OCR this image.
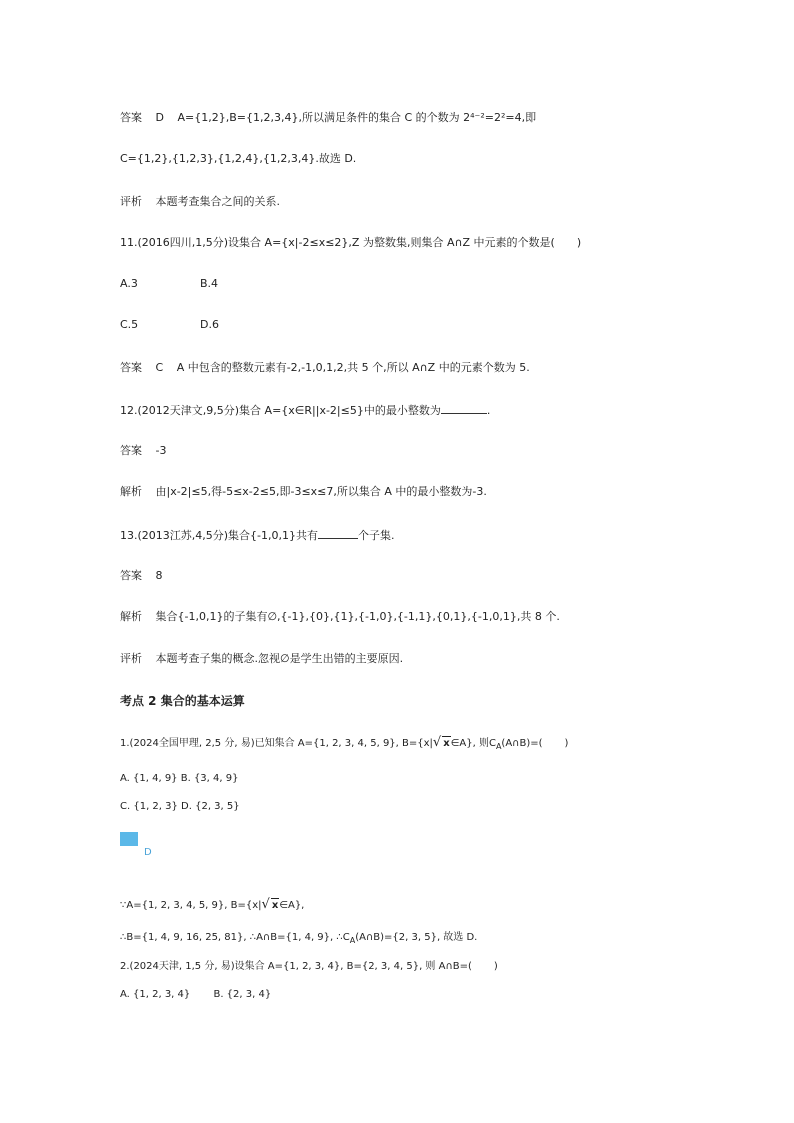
答案 D A={1,2},B={1,2,3,4},所以满足条件的集合 C 的个数为 2⁴⁻²=2²=4,即
C={1,2},{1,2,3},{1,2,4},{1,2,3,4}.故选 D.
评析 本题考查集合之间的关系.
11.(2016四川,1,5分)设集合 A={x|-2≤x≤2},Z 为整数集,则集合 A∩Z 中元素的个数是( )
A.3	B.4
C.5	D.6
答案 C A 中包含的整数元素有-2,-1,0,1,2,共 5 个,所以 A∩Z 中的元素个数为 5.
12.(2012天津文,9,5分)集合 A={x∈R||x-2|≤5}中的最小整数为	.
答案 -3
解析 由|x-2|≤5,得-5≤x-2≤5,即-3≤x≤7,所以集合 A 中的最小整数为-3.
13.(2013江苏,4,5分)集合{-1,0,1}共有	个子集.
答案 8
解析 集合{-1,0,1}的子集有∅,{-1},{0},{1},{-1,0},{-1,1},{0,1},{-1,0,1},共 8 个.
评析 本题考查子集的概念.忽视∅是学生出错的主要原因.
考点 2 集合的基本运算
1.(2024全国甲理, 2,5 分, 易)已知集合 A={1, 2, 3, 4, 5, 9}, B={x|√ x∈A}, 则$C_A(A\cap B)=$( )
A. {1, 4, 9} B. {3, 4, 9}
C. {1, 2, 3} D. {2, 3, 5}
D
∵A={1, 2, 3, 4, 5, 9}, B={x|√ x∈A},
∴B={1, 4, 9, 16, 25, 81}, ∴A∩B={1, 4, 9}, $\therefore C_A(A\cap B)=\{2$, 3, 5}, 故选 D.
2.(2024天津, 1,5 分, 易)设集合 A={1, 2, 3, 4}, B={2, 3, 4, 5}, 则 A∩B=( )
A. {1, 2, 3, 4} B. {2, 3, 4}
